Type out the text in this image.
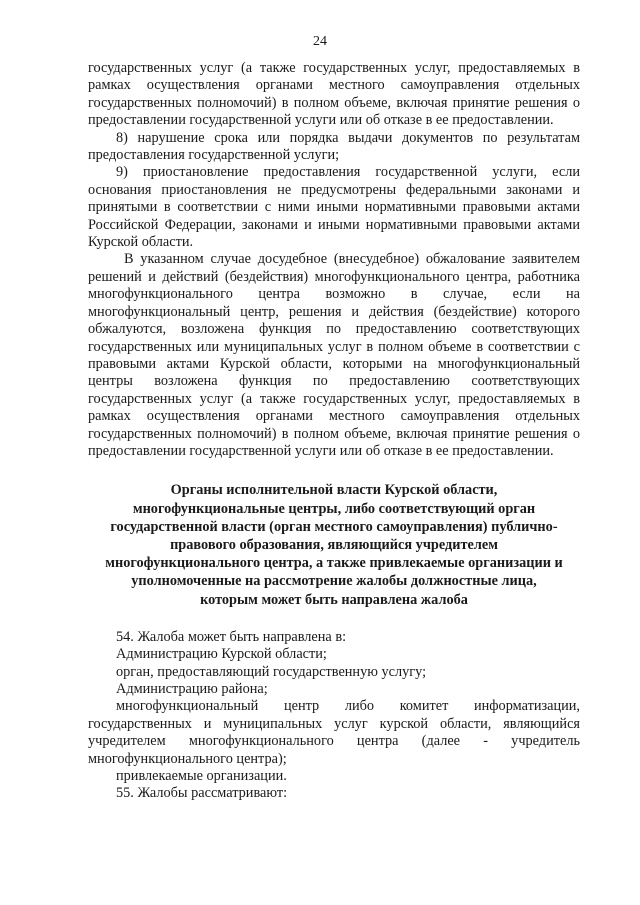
24

государственных услуг (а также государственных услуг, предоставляемых в рамках осуществления органами местного самоуправления отдельных государственных полномочий) в полном объеме, включая принятие решения о предоставлении государственной услуги или об отказе в ее предоставлении.

8) нарушение срока или порядка выдачи документов по результатам предоставления государственной услуги;

9) приостановление предоставления государственной услуги, если основания приостановления не предусмотрены федеральными законами и принятыми в соответствии с ними иными нормативными правовыми актами Российской Федерации, законами и иными нормативными правовыми актами Курской области.

В указанном случае досудебное (внесудебное) обжалование заявителем решений и действий (бездействия) многофункционального центра, работника многофункционального центра возможно в случае, если на многофункциональный центр, решения и действия (бездействие) которого обжалуются, возложена функция по предоставлению соответствующих государственных или муниципальных услуг в полном объеме в соответствии с правовыми актами Курской области, которыми на многофункциональный центры возложена функция по предоставлению соответствующих государственных услуг (а также государственных услуг, предоставляемых в рамках осуществления органами местного самоуправления отдельных государственных полномочий) в полном объеме, включая принятие решения о предоставлении государственной услуги или об отказе в ее предоставлении.

Органы исполнительной власти Курской области,
многофункциональные центры, либо соответствующий орган
государственной власти (орган местного самоуправления) публично-
правового образования, являющийся учредителем
многофункционального центра, а также привлекаемые организации и
уполномоченные на рассмотрение жалобы должностные лица,
которым может быть направлена жалоба

54. Жалоба может быть направлена в:

Администрацию Курской области;

орган, предоставляющий государственную услугу;

Администрацию района;

многофункциональный центр либо комитет информатизации, государственных и муниципальных услуг курской области, являющийся учредителем многофункционального центра (далее - учредитель многофункционального центра);

привлекаемые организации.

55. Жалобы рассматривают:
